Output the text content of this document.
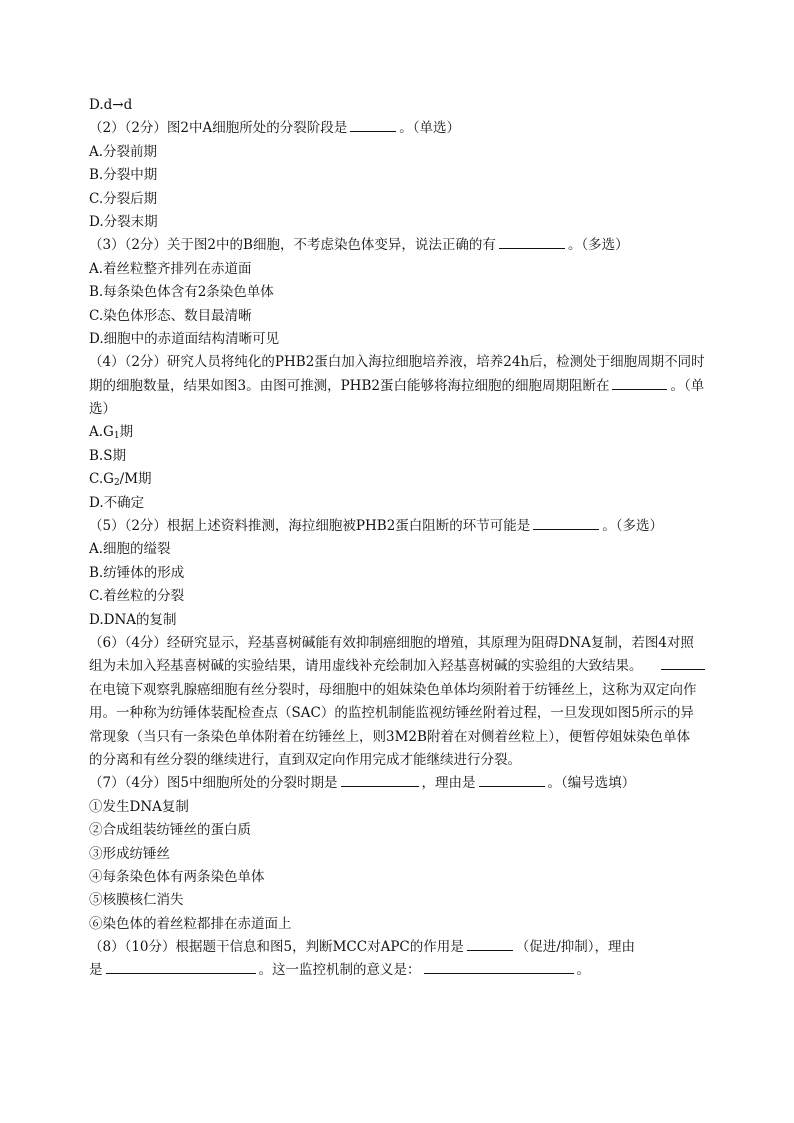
D.d→d
（2）（2分）图2中A细胞所处的分裂阶段是	。（单选）
A.分裂前期
B.分裂中期
C.分裂后期
D.分裂末期
（3）（2分）关于图2中的B细胞，不考虑染色体变异，说法正确的有	。（多选）
A.着丝粒整齐排列在赤道面
B.每条染色体含有2条染色单体
C.染色体形态、数目最清晰
D.细胞中的赤道面结构清晰可见
（4）（2分）研究人员将纯化的PHB2蛋白加入海拉细胞培养液，培养24h后，检测处于细胞周期不同时
期的细胞数量，结果如图3。由图可推测，PHB2蛋白能够将海拉细胞的细胞周期阻断在	。（单
选）
$A.G_1$期
B.S期
$C.G_2/M$期
D.不确定
（5）（2分）根据上述资料推测，海拉细胞被PHB2蛋白阻断的环节可能是	。（多选）
A.细胞的缢裂
B.纺锤体的形成
C.着丝粒的分裂
D.DNA的复制
（6）（4分）经研究显示，羟基喜树碱能有效抑制癌细胞的增殖，其原理为阻碍DNA复制，若图4对照
组为未加入羟基喜树碱的实验结果，请用虚线补充绘制加入羟基喜树碱的实验组的大致结果。
在电镜下观察乳腺癌细胞有丝分裂时，母细胞中的姐妹染色单体均须附着于纺锤丝上，这称为双定向作
用。一种称为纺锤体装配检查点（SAC）的监控机制能监视纺锤丝附着过程，一旦发现如图5所示的异
常现象（当只有一条染色单体附着在纺锤丝上，则3M2B附着在对侧着丝粒上），便暂停姐妹染色单体
的分离和有丝分裂的继续进行，直到双定向作用完成才能继续进行分裂。
（7）（4分）图5中细胞所处的分裂时期是	，理由是	。（编号选填）
①发生DNA复制
②合成组装纺锤丝的蛋白质
③形成纺锤丝
④每条染色体有两条染色单体
⑤核膜核仁消失
⑥染色体的着丝粒都排在赤道面上
（8）（10分）根据题干信息和图5，判断MCC对APC的作用是	（促进/抑制），理由
是	。这一监控机制的意义是：	。
